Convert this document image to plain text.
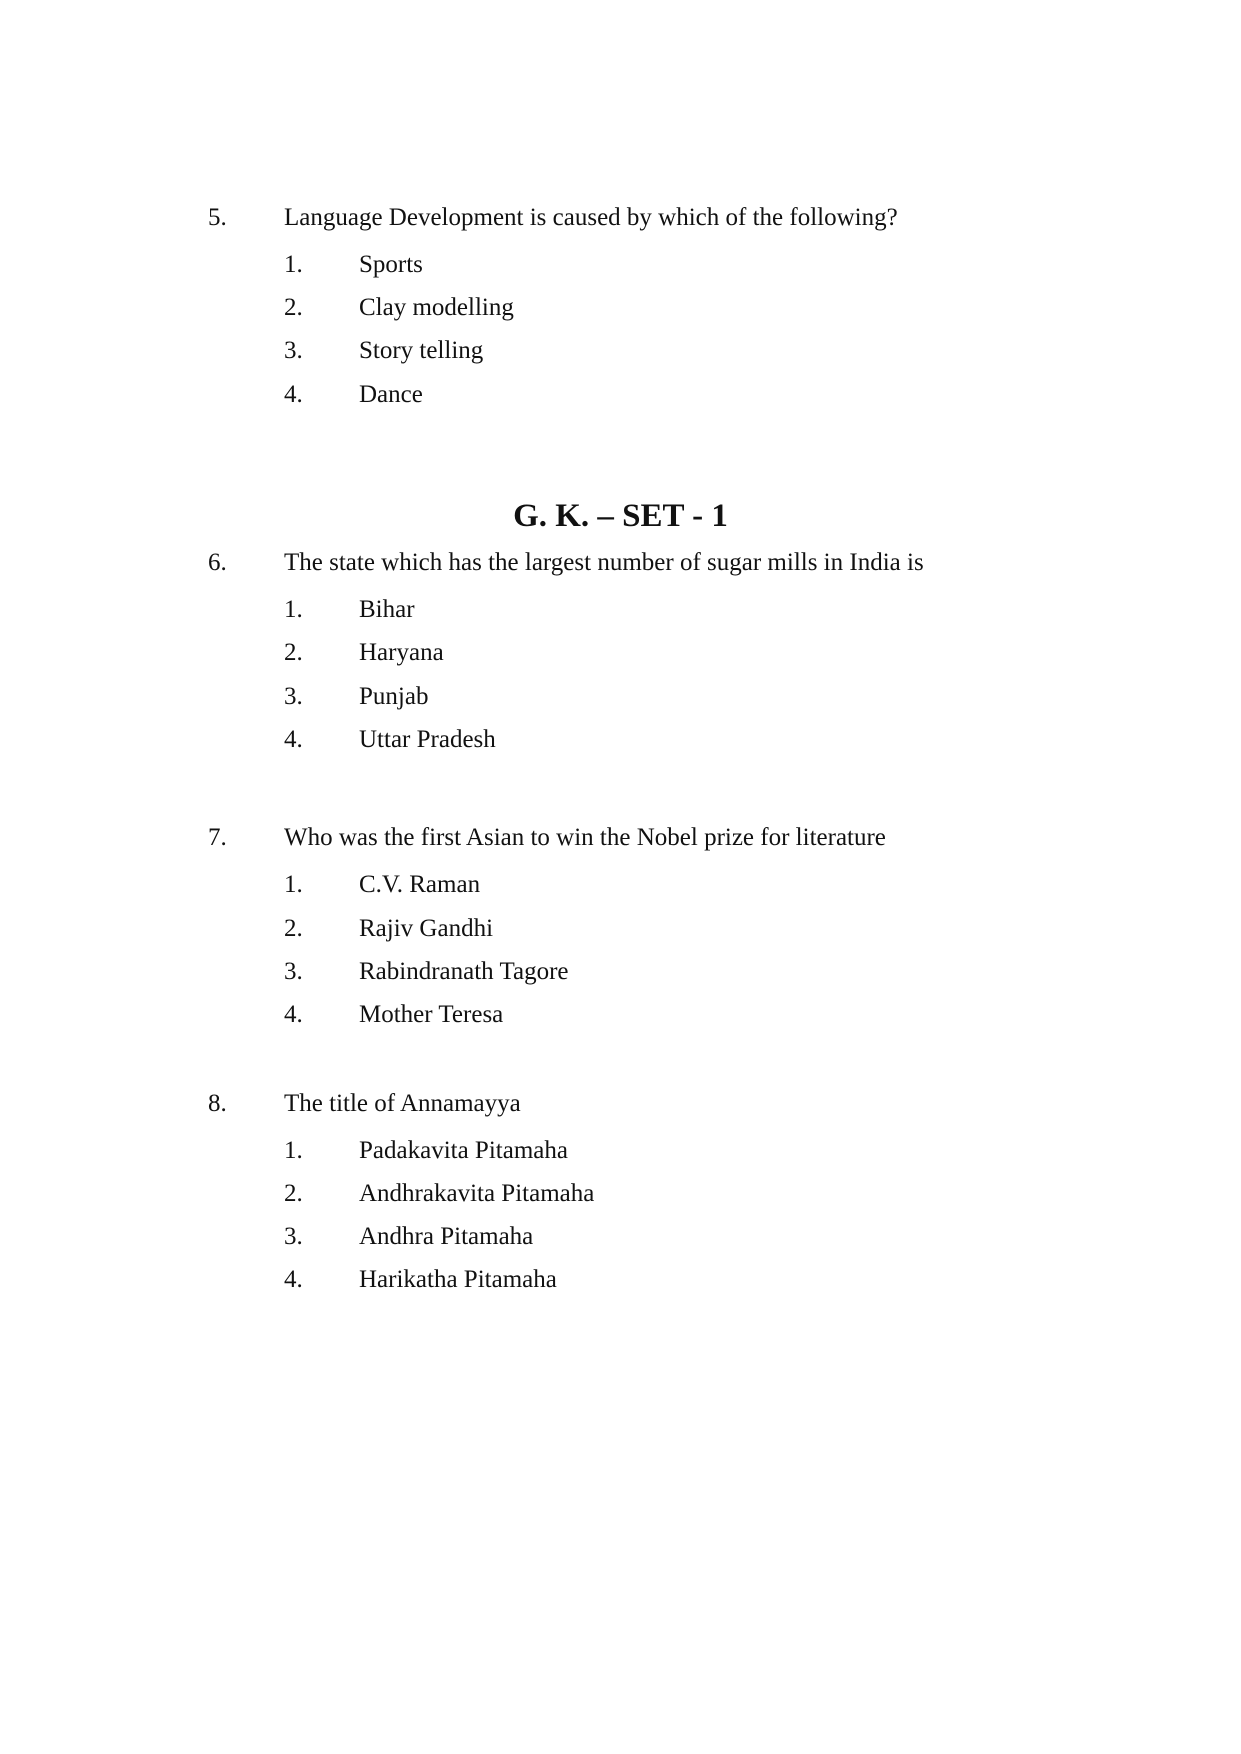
5. Language Development is caused by which of the following?
1. Sports
2. Clay modelling
3. Story telling
4. Dance
G. K. – SET - 1
6. The state which has the largest number of sugar mills in India is
1. Bihar
2. Haryana
3. Punjab
4. Uttar Pradesh
7. Who was the first Asian to win the Nobel prize for literature
1. C.V. Raman
2. Rajiv Gandhi
3. Rabindranath Tagore
4. Mother Teresa
8. The title of Annamayya
1. Padakavita Pitamaha
2. Andhrakavita Pitamaha
3. Andhra Pitamaha
4. Harikatha Pitamaha
